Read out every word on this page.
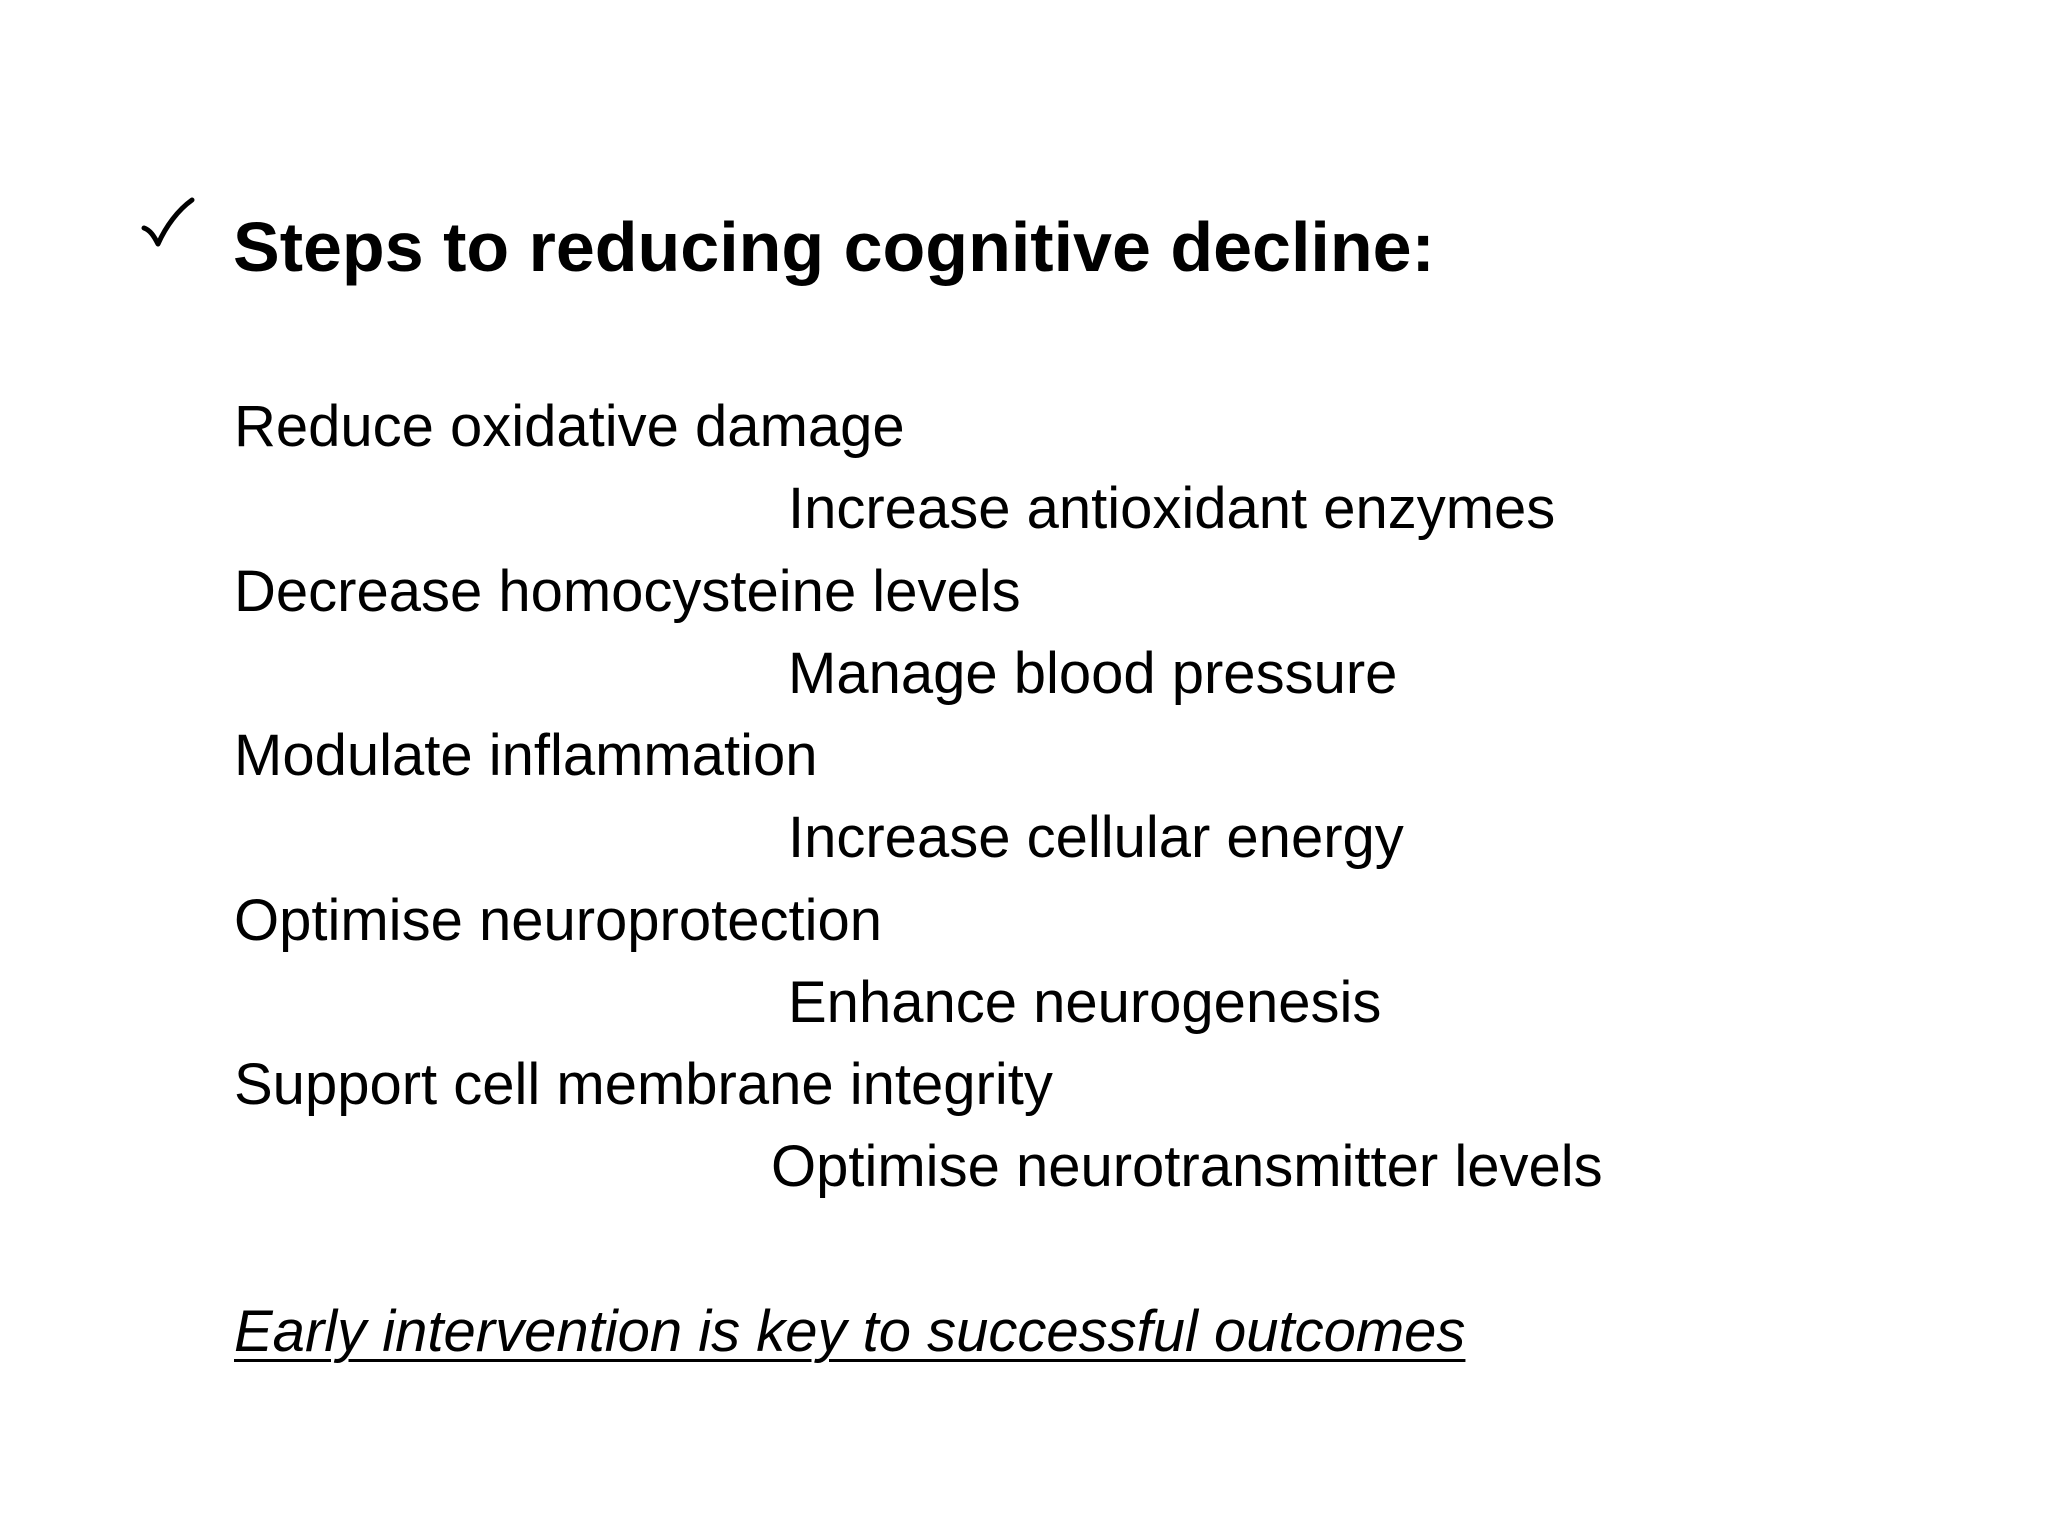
Steps to reducing cognitive decline:
Reduce oxidative damage
Increase antioxidant enzymes
Decrease homocysteine levels
Manage blood pressure
Modulate inflammation
Increase cellular energy
Optimise neuroprotection
Enhance neurogenesis
Support cell membrane integrity
Optimise neurotransmitter levels
Early intervention is key to successful outcomes
